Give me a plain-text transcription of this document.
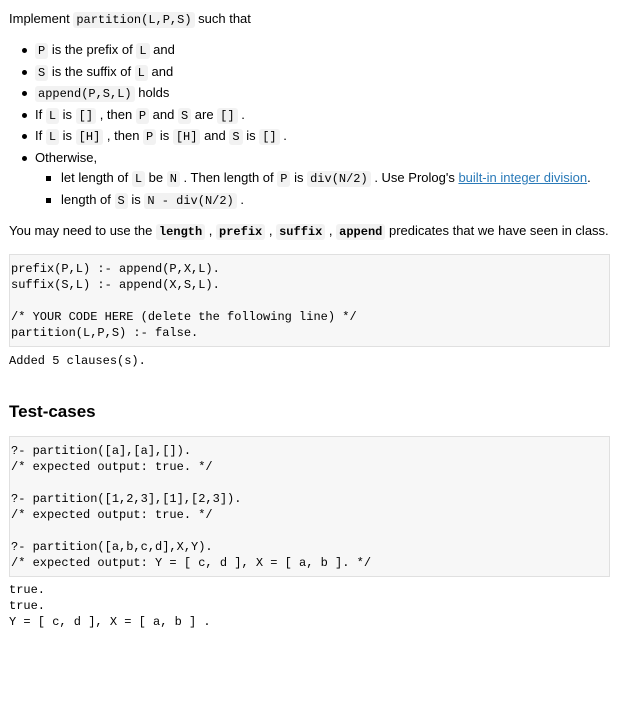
Implement partition(L,P,S) such that

P is the prefix of L and
S is the suffix of L and
append(P,S,L) holds
If L is [] , then P and S are [] .
If L is [H] , then P is [H] and S is [] .
Otherwise,
let length of L be N . Then length of P is div(N/2) . Use Prolog's built-in integer division.
length of S is N - div(N/2) .

You may need to use the length , prefix , suffix , append predicates that we have seen in class.

prefix(P,L) :- append(P,X,L).
suffix(S,L) :- append(X,S,L).
/* YOUR CODE HERE (delete the following line) */
partition(L,P,S) :- false.
Added 5 clauses(s).
Test-cases
?- partition([a],[a],[]).
/* expected output: true. */
?- partition([1,2,3],[1],[2,3]).
/* expected output: true. */
?- partition([a,b,c,d],X,Y).
/* expected output: Y = [ c, d ], X = [ a, b ]. */
true.
true.
Y = [ c, d ], X = [ a, b ] .
